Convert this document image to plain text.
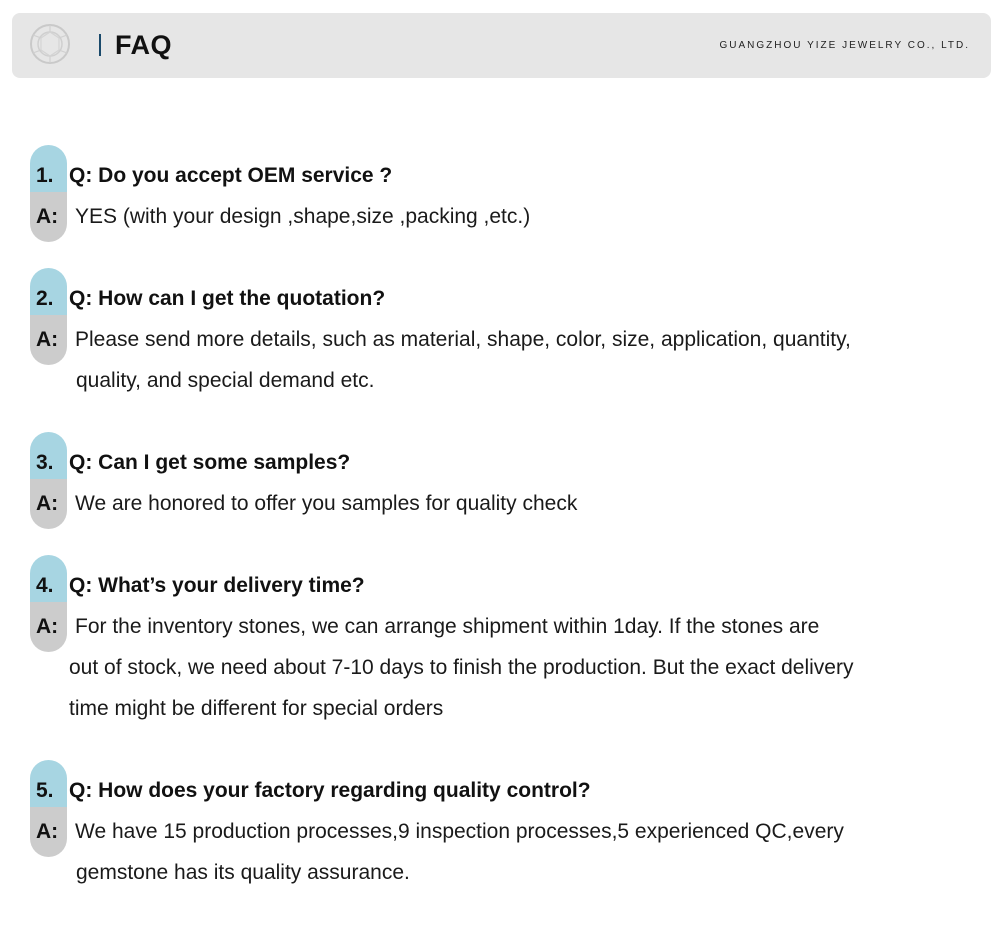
FAQ	GUANGZHOU YIZE JEWELRY CO., LTD.
1. Q: Do you accept OEM service ?
A: YES (with your design ,shape,size ,packing ,etc.)
2. Q: How can I get the quotation?
A: Please send more details, such as material, shape, color, size, application, quantity,
quality, and special demand etc.
3. Q: Can I get some samples?
A: We are honored to offer you samples for quality check
4. Q: What’s your delivery time?
A: For the inventory stones, we can arrange shipment within 1day. If the stones are
out of stock, we need about 7-10 days to finish the production. But the exact delivery
time might be different for special orders
5. Q: How does your factory regarding quality control?
A: We have 15 production processes,9 inspection processes,5 experienced QC,every
gemstone has its quality assurance.
